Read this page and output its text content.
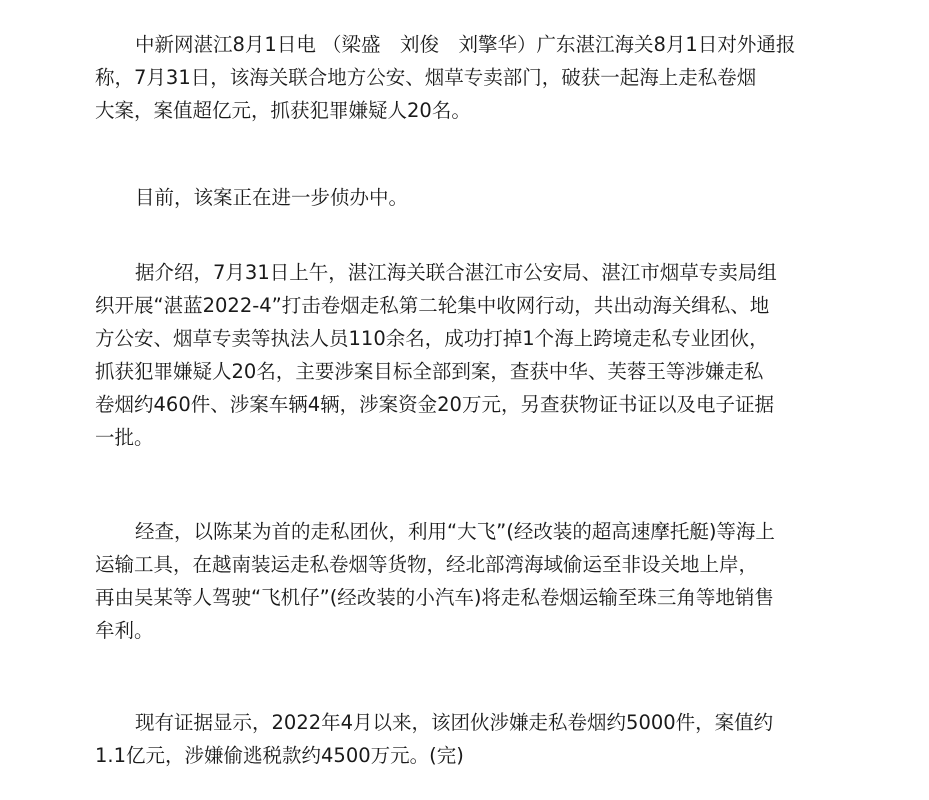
中新网湛江8月1日电 （梁盛　刘俊　刘擎华）广东湛江海关8月1日对外通报
称，7月31日，该海关联合地方公安、烟草专卖部门，破获一起海上走私卷烟
大案，案值超亿元，抓获犯罪嫌疑人20名。

目前，该案正在进一步侦办中。

据介绍，7月31日上午，湛江海关联合湛江市公安局、湛江市烟草专卖局组
织开展“湛蓝2022-4”打击卷烟走私第二轮集中收网行动，共出动海关缉私、地
方公安、烟草专卖等执法人员110余名，成功打掉1个海上跨境走私专业团伙，
抓获犯罪嫌疑人20名，主要涉案目标全部到案，查获中华、芙蓉王等涉嫌走私
卷烟约460件、涉案车辆4辆，涉案资金20万元，另查获物证书证以及电子证据
一批。

经查，以陈某为首的走私团伙，利用“大飞”(经改装的超高速摩托艇)等海上
运输工具，在越南装运走私卷烟等货物，经北部湾海域偷运至非设关地上岸，
再由吴某等人驾驶“飞机仔”(经改装的小汽车)将走私卷烟运输至珠三角等地销售
牟利。

现有证据显示，2022年4月以来，该团伙涉嫌走私卷烟约5000件，案值约
1.1亿元，涉嫌偷逃税款约4500万元。(完)
